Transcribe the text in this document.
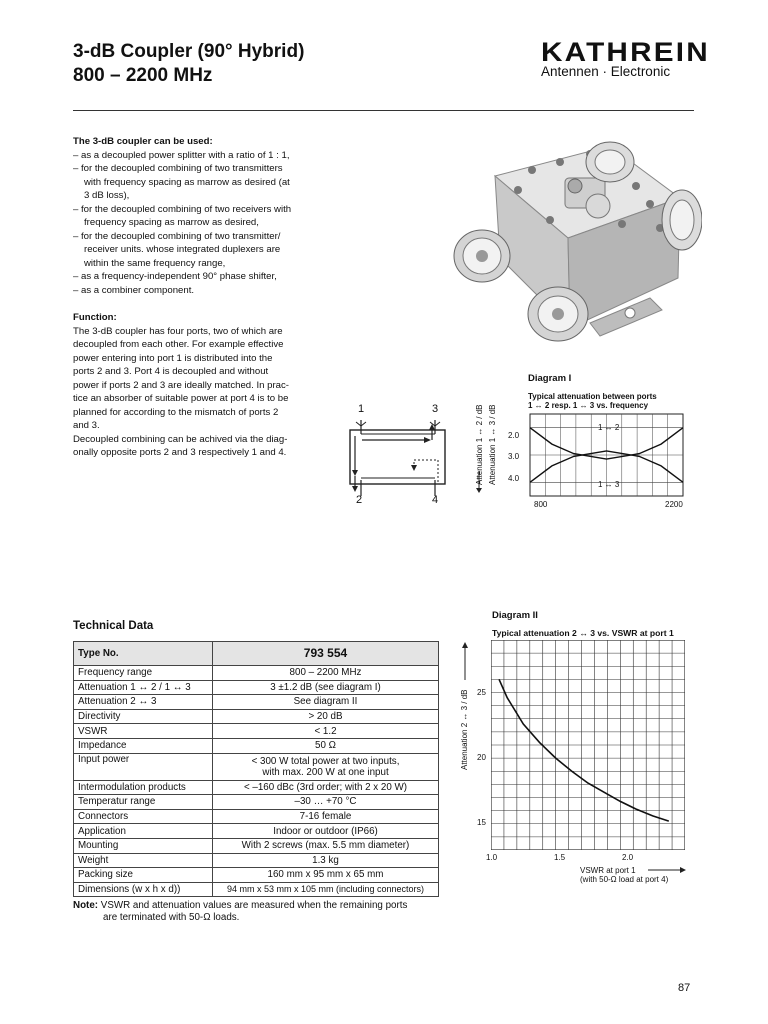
3-dB Coupler (90° Hybrid)
800 – 2200 MHz
KATHREIN
Antennen · Electronic
The 3-dB coupler can be used:
– as a decoupled power splitter with a ratio of 1 : 1,
– for the decoupled combining of two transmitters
with frequency spacing as marrow as desired (at
3 dB loss),
– for the decoupled combining of two receivers with
frequency spacing as marrow as desired,
– for the decoupled combining of two transmitter/
receiver units. whose integrated duplexers are
within the same frequency range,
– as a frequency-independent 90° phase shifter,
– as a combiner component.
Function:
The 3-dB coupler has four ports, two of which are
decoupled from each other. For example effective
power entering into port 1 is distributed into the
ports 2 and 3. Port 4 is decoupled and without
power if ports 2 and 3 are ideally matched. In prac-
tice an absorber of suitable power at port 4 is to be
planned for according to the mismatch of ports 2
and 3.
Decoupled combining can be achived via the diag-
onally opposite ports 2 and 3 respectively 1 and 4.
1	3
2	4
Diagram I
Typical attenuation between ports
1 ↔ 2 resp. 1 ↔ 3 vs. frequency
Attenuation 1 ↔ 2 / dB Attenuation 1 ↔ 3 / dB 2.0
3.0
4.0
800	2200
1 ↔ 2
1 ↔ 3
Diagram II
Typical attenuation 2 ↔ 3 vs. VSWR at port 1
Attenuation 2 ↔ 3 / dB 25
20
15
1.0	1.5	2.0
VSWR at port 1
(with 50-Ω load at port 4)
Technical Data
Type No.	793 554
Frequency range	800 – 2200 MHz
Attenuation 1 ↔ 2 / 1 ↔ 3	3 ±1.2 dB (see diagram I)
Attenuation 2 ↔ 3	See diagram II
Directivity	> 20 dB
VSWR	< 1.2
Impedance	50 Ω
Input power	< 300 W total power at two inputs,
with max. 200 W at one input

Intermodulation products	< –160 dBc (3rd order; with 2 x 20 W)
Temperatur range	–30 … +70 °C
Connectors	7-16 female
Application	Indoor or outdoor (IP66)
Mounting	With 2 screws (max. 5.5 mm diameter)
Weight	1.3 kg
Packing size	160 mm x 95 mm x 65 mm
Dimensions (w x h x d))	94 mm x 53 mm x 105 mm (including connectors)
Note: VSWR and attenuation values are measured when the remaining ports
are terminated with 50-Ω loads.
87
